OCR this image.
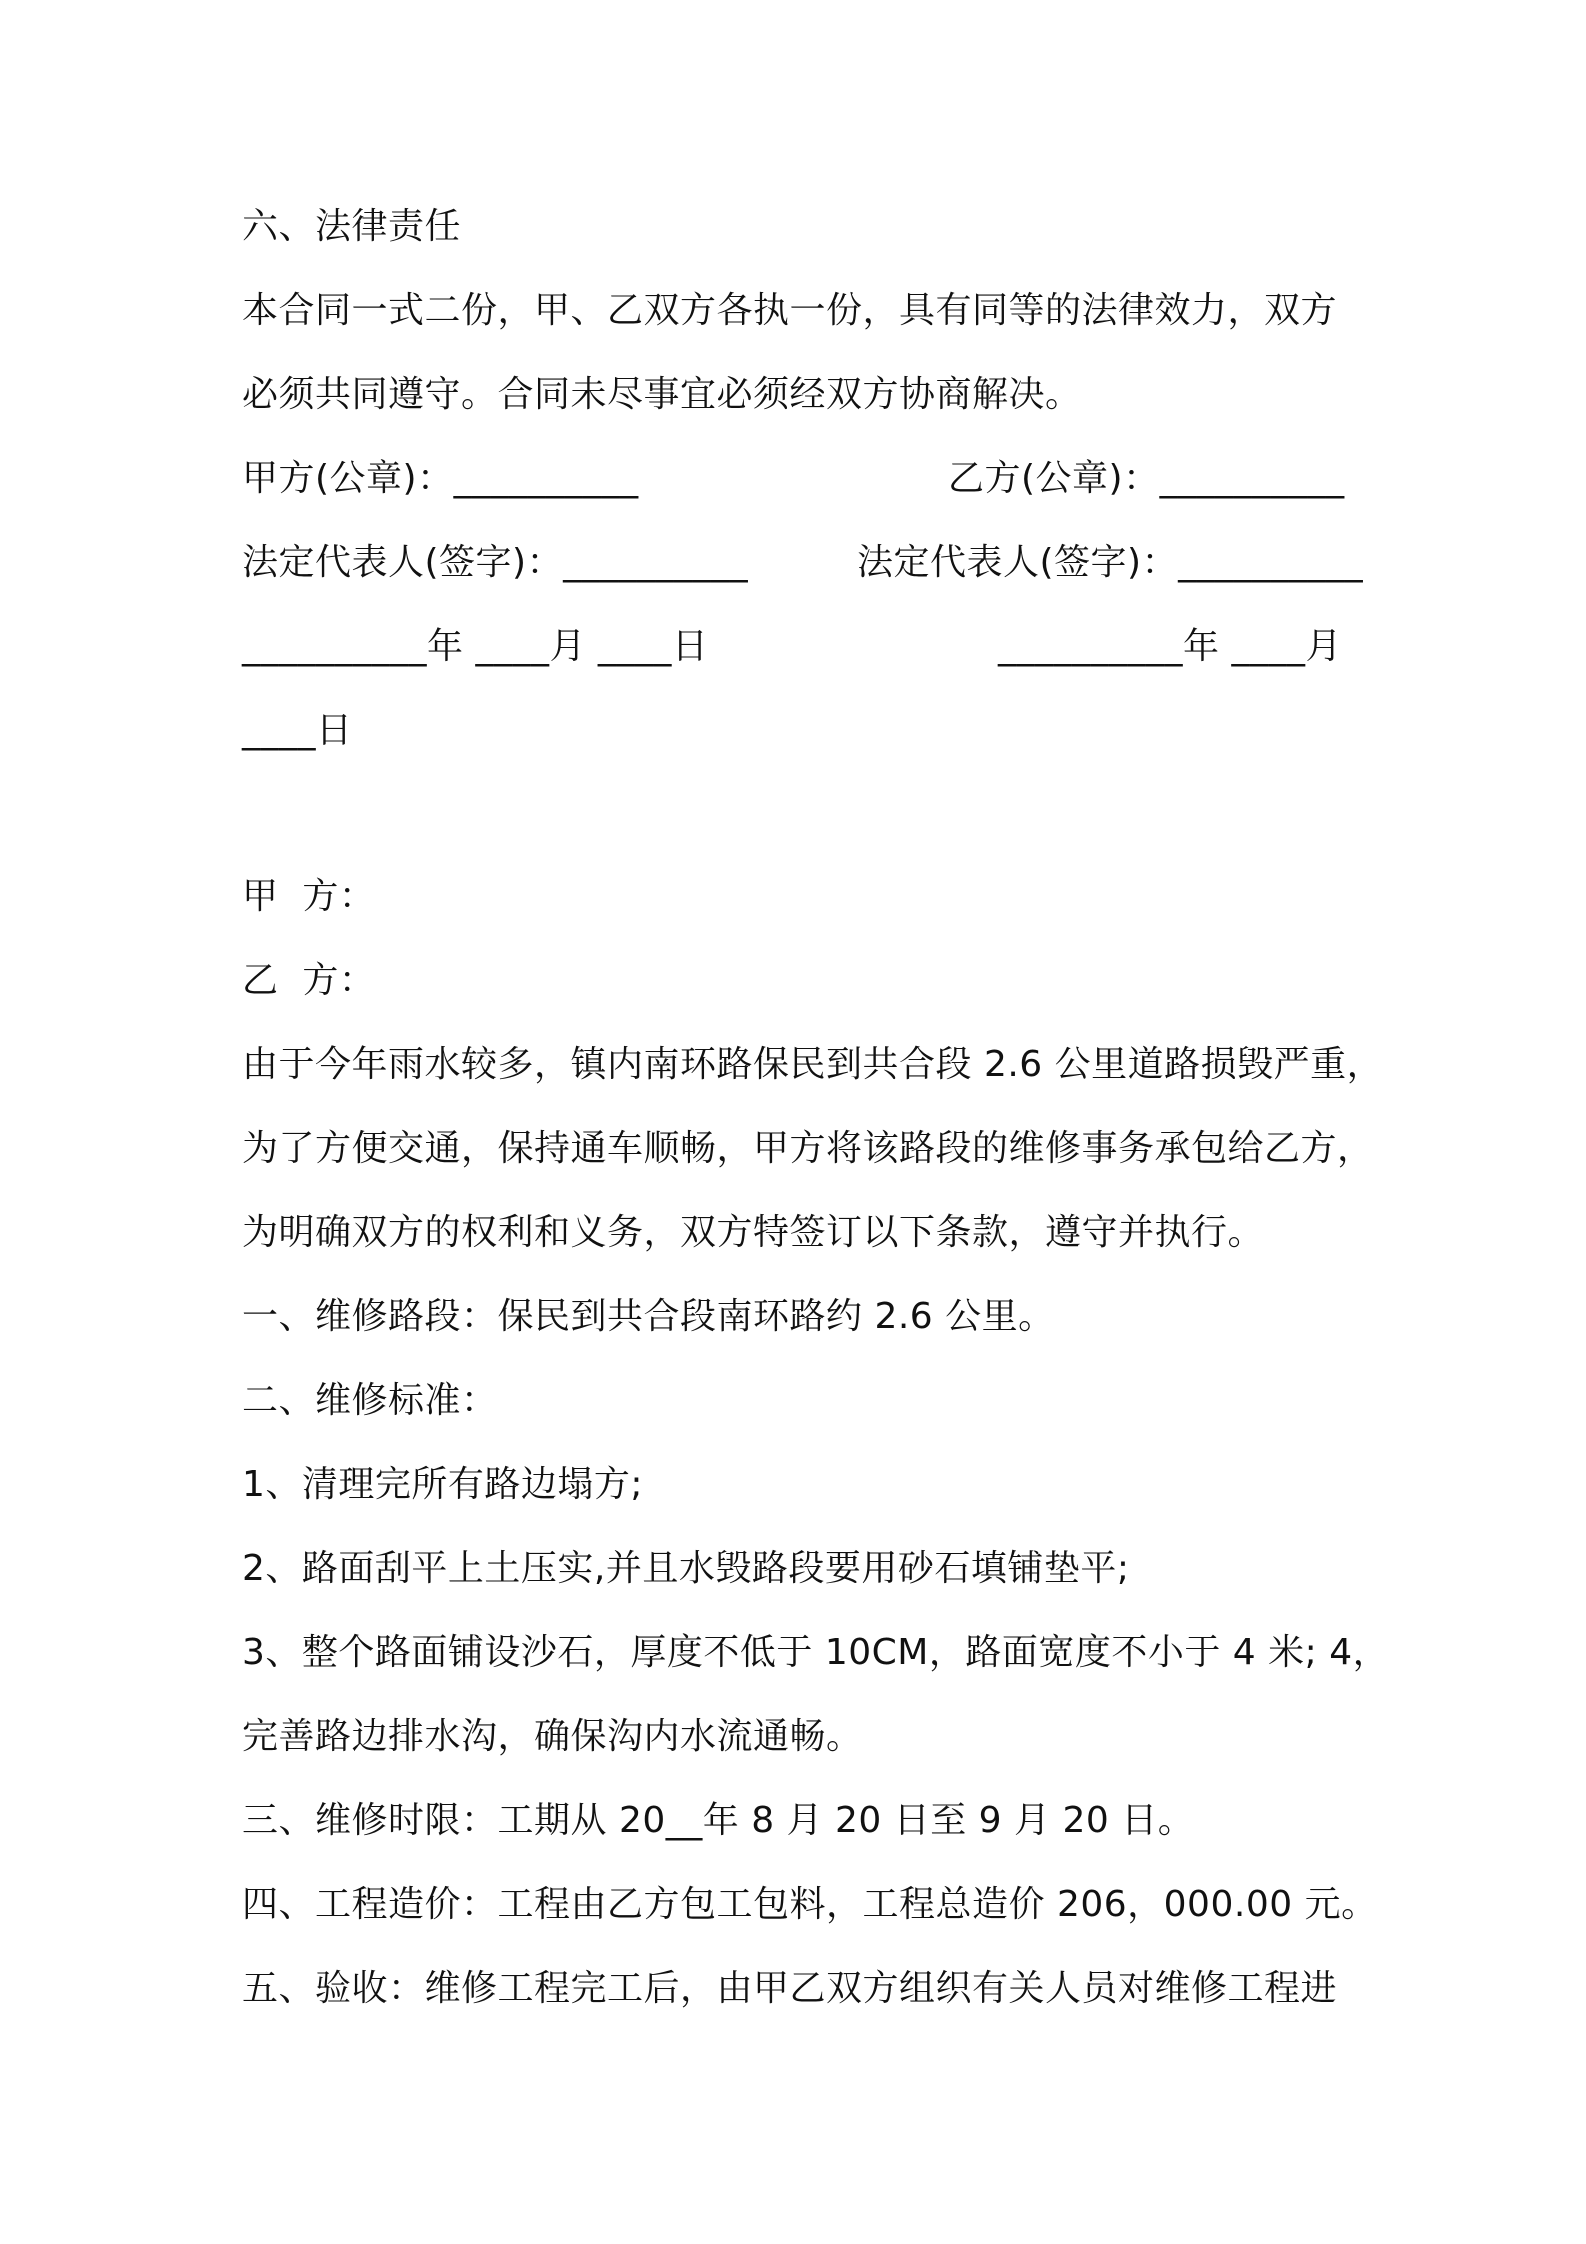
六、法律责任
本合同一式二份，甲、乙双方各执一份，具有同等的法律效力，双方
必须共同遵守。合同未尽事宜必须经双方协商解决。
甲方(公章)：__________	乙方(公章)：__________
法定代表人(签字)：__________	法定代表人(签字)：__________
__________年 ____月 ____日	__________年 ____月
____日
甲  方：
乙  方：
由于今年雨水较多，镇内南环路保民到共合段 2.6 公里道路损毁严重，
为了方便交通，保持通车顺畅，甲方将该路段的维修事务承包给乙方，
为明确双方的权利和义务，双方特签订以下条款，遵守并执行。
一、维修路段：保民到共合段南环路约 2.6 公里。
二、维修标准：
1、清理完所有路边塌方;
2、路面刮平上土压实,并且水毁路段要用砂石填铺垫平;
3、整个路面铺设沙石，厚度不低于 10CM，路面宽度不小于 4 米; 4，
完善路边排水沟，确保沟内水流通畅。
三、维修时限：工期从 20__年 8 月 20 日至 9 月 20 日。
四、工程造价：工程由乙方包工包料，工程总造价 206，000.00 元。
五、验收：维修工程完工后，由甲乙双方组织有关人员对维修工程进
